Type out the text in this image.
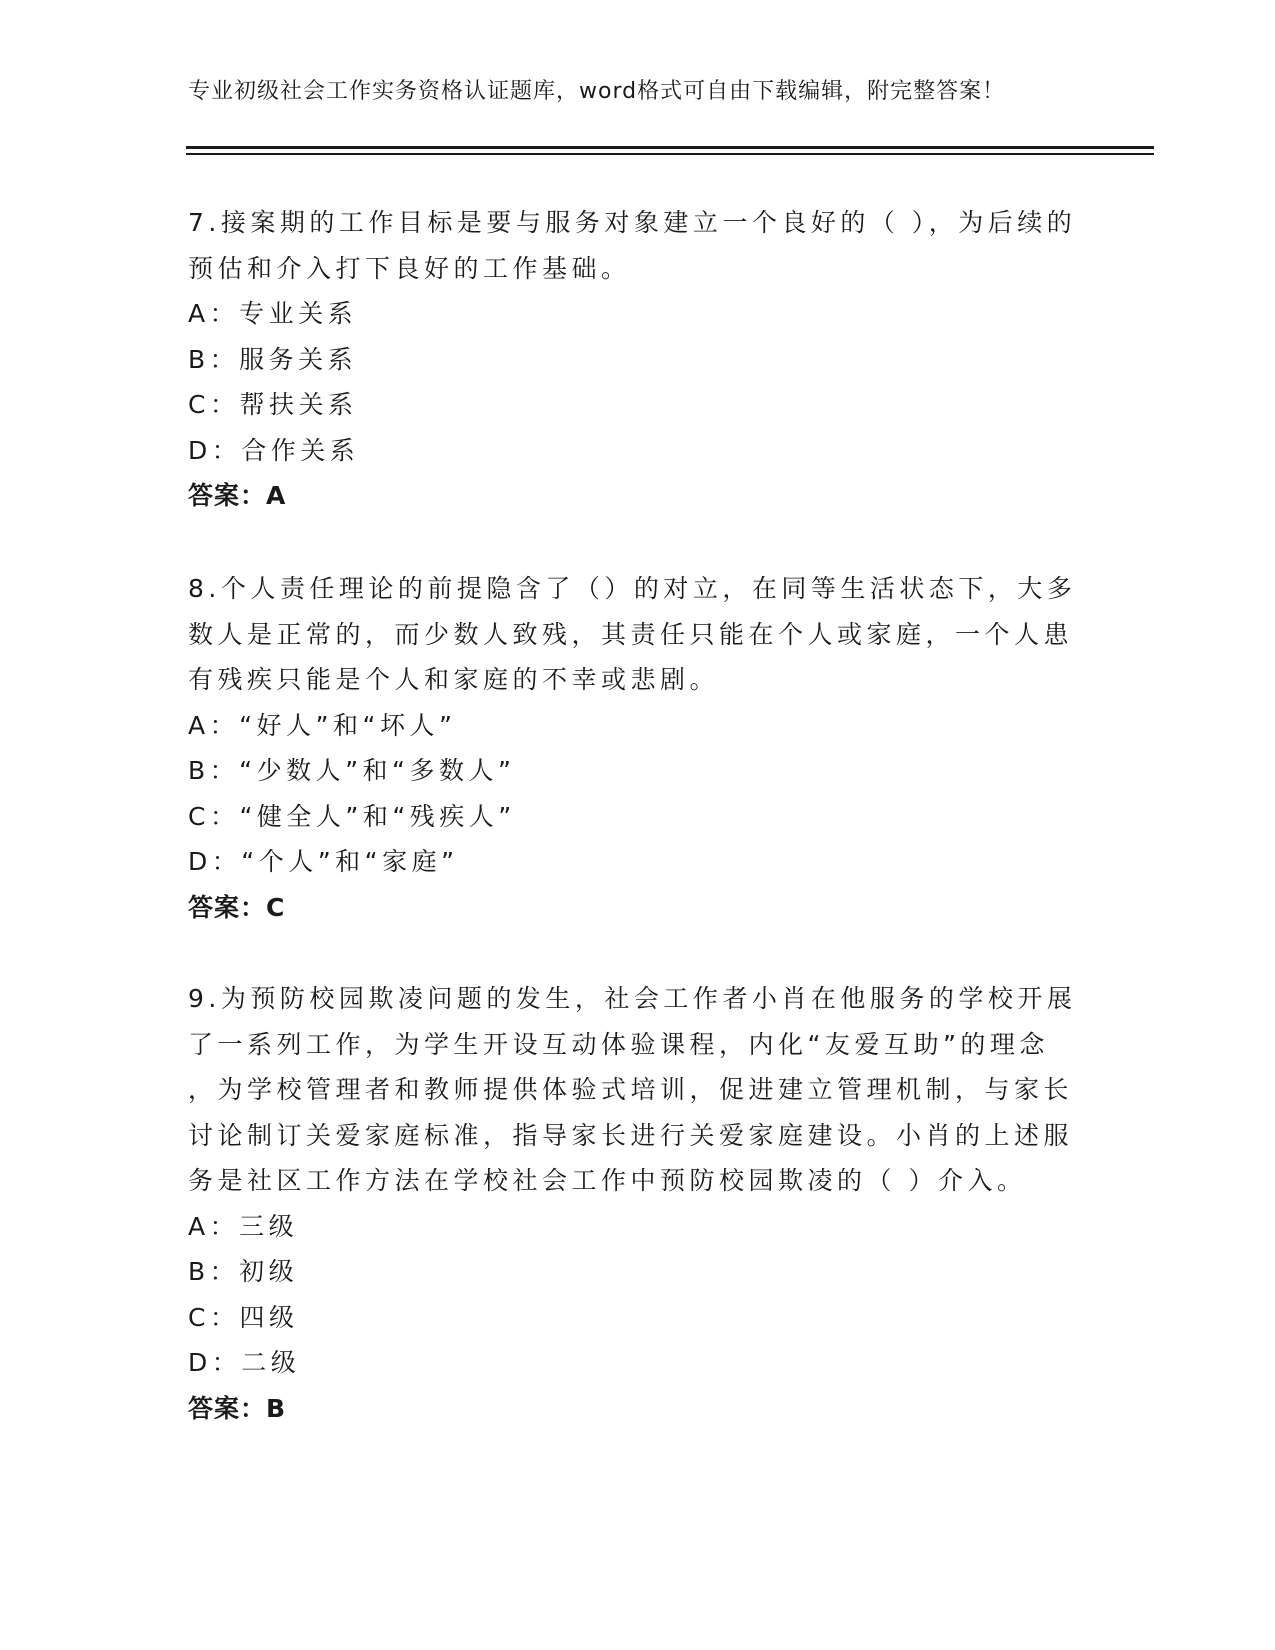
专业初级社会工作实务资格认证题库，word格式可自由下载编辑，附完整答案！
7.接案期的工作目标是要与服务对象建立一个良好的（ ），为后续的
预估和介入打下良好的工作基础。
A：专业关系
B：服务关系
C：帮扶关系
D：合作关系
答案：A
8.个人责任理论的前提隐含了（）的对立，在同等生活状态下，大多
数人是正常的，而少数人致残，其责任只能在个人或家庭，一个人患
有残疾只能是个人和家庭的不幸或悲剧。
A：“好人”和“坏人”
B：“少数人”和“多数人”
C：“健全人”和“残疾人”
D：“个人”和“家庭”
答案：C
9.为预防校园欺凌问题的发生，社会工作者小肖在他服务的学校开展
了一系列工作，为学生开设互动体验课程，内化“友爱互助”的理念
，为学校管理者和教师提供体验式培训，促进建立管理机制，与家长
讨论制订关爱家庭标准，指导家长进行关爱家庭建设。小肖的上述服
务是社区工作方法在学校社会工作中预防校园欺凌的（ ）介入。
A：三级
B：初级
C：四级
D：二级
答案：B
